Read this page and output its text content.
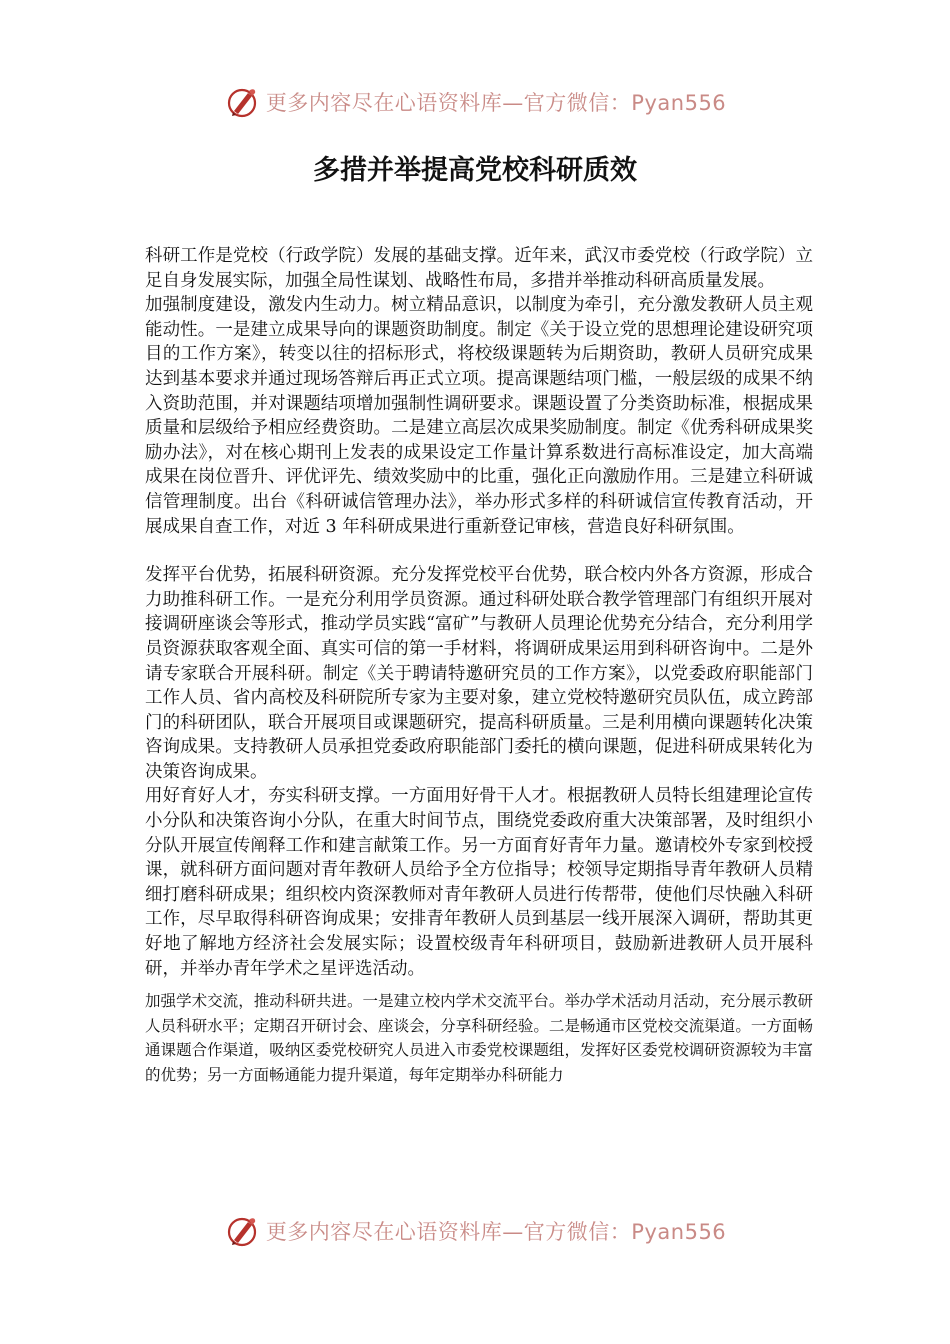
更多内容尽在心语资料库—官方微信：Pyan556
多措并举提高党校科研质效

科研工作是党校（行政学院）发展的基础支撑。近年来，武汉市委党校（行政学院）立足自身发展实际，加强全局性谋划、战略性布局，多措并举推动科研高质量发展。

加强制度建设，激发内生动力。树立精品意识，以制度为牵引，充分激发教研人员主观能动性。一是建立成果导向的课题资助制度。制定《关于设立党的思想理论建设研究项目的工作方案》，转变以往的招标形式，将校级课题转为后期资助，教研人员研究成果达到基本要求并通过现场答辩后再正式立项。提高课题结项门槛，一般层级的成果不纳入资助范围，并对课题结项增加强制性调研要求。课题设置了分类资助标准，根据成果质量和层级给予相应经费资助。二是建立高层次成果奖励制度。制定《优秀科研成果奖励办法》，对在核心期刊上发表的成果设定工作量计算系数进行高标准设定，加大高端成果在岗位晋升、评优评先、绩效奖励中的比重，强化正向激励作用。三是建立科研诚信管理制度。出台《科研诚信管理办法》，举办形式多样的科研诚信宣传教育活动，开展成果自查工作，对近 3 年科研成果进行重新登记审核，营造良好科研氛围。

发挥平台优势，拓展科研资源。充分发挥党校平台优势，联合校内外各方资源，形成合力助推科研工作。一是充分利用学员资源。通过科研处联合教学管理部门有组织开展对接调研座谈会等形式，推动学员实践“富矿”与教研人员理论优势充分结合，充分利用学员资源获取客观全面、真实可信的第一手材料，将调研成果运用到科研咨询中。二是外请专家联合开展科研。制定《关于聘请特邀研究员的工作方案》，以党委政府职能部门工作人员、省内高校及科研院所专家为主要对象，建立党校特邀研究员队伍，成立跨部门的科研团队，联合开展项目或课题研究，提高科研质量。三是利用横向课题转化决策咨询成果。支持教研人员承担党委政府职能部门委托的横向课题，促进科研成果转化为决策咨询成果。

用好育好人才，夯实科研支撑。一方面用好骨干人才。根据教研人员特长组建理论宣传小分队和决策咨询小分队，在重大时间节点，围绕党委政府重大决策部署，及时组织小分队开展宣传阐释工作和建言献策工作。另一方面育好青年力量。邀请校外专家到校授课，就科研方面问题对青年教研人员给予全方位指导；校领导定期指导青年教研人员精细打磨科研成果；组织校内资深教师对青年教研人员进行传帮带，使他们尽快融入科研工作，尽早取得科研咨询成果；安排青年教研人员到基层一线开展深入调研，帮助其更好地了解地方经济社会发展实际；设置校级青年科研项目，鼓励新进教研人员开展科研，并举办青年学术之星评选活动。

加强学术交流，推动科研共进。一是建立校内学术交流平台。举办学术活动月活动，充分展示教研人员科研水平；定期召开研讨会、座谈会，分享科研经验。二是畅通市区党校交流渠道。一方面畅通课题合作渠道，吸纳区委党校研究人员进入市委党校课题组，发挥好区委党校调研资源较为丰富的优势；另一方面畅通能力提升渠道，每年定期举办科研能力

更多内容尽在心语资料库—官方微信：Pyan556
